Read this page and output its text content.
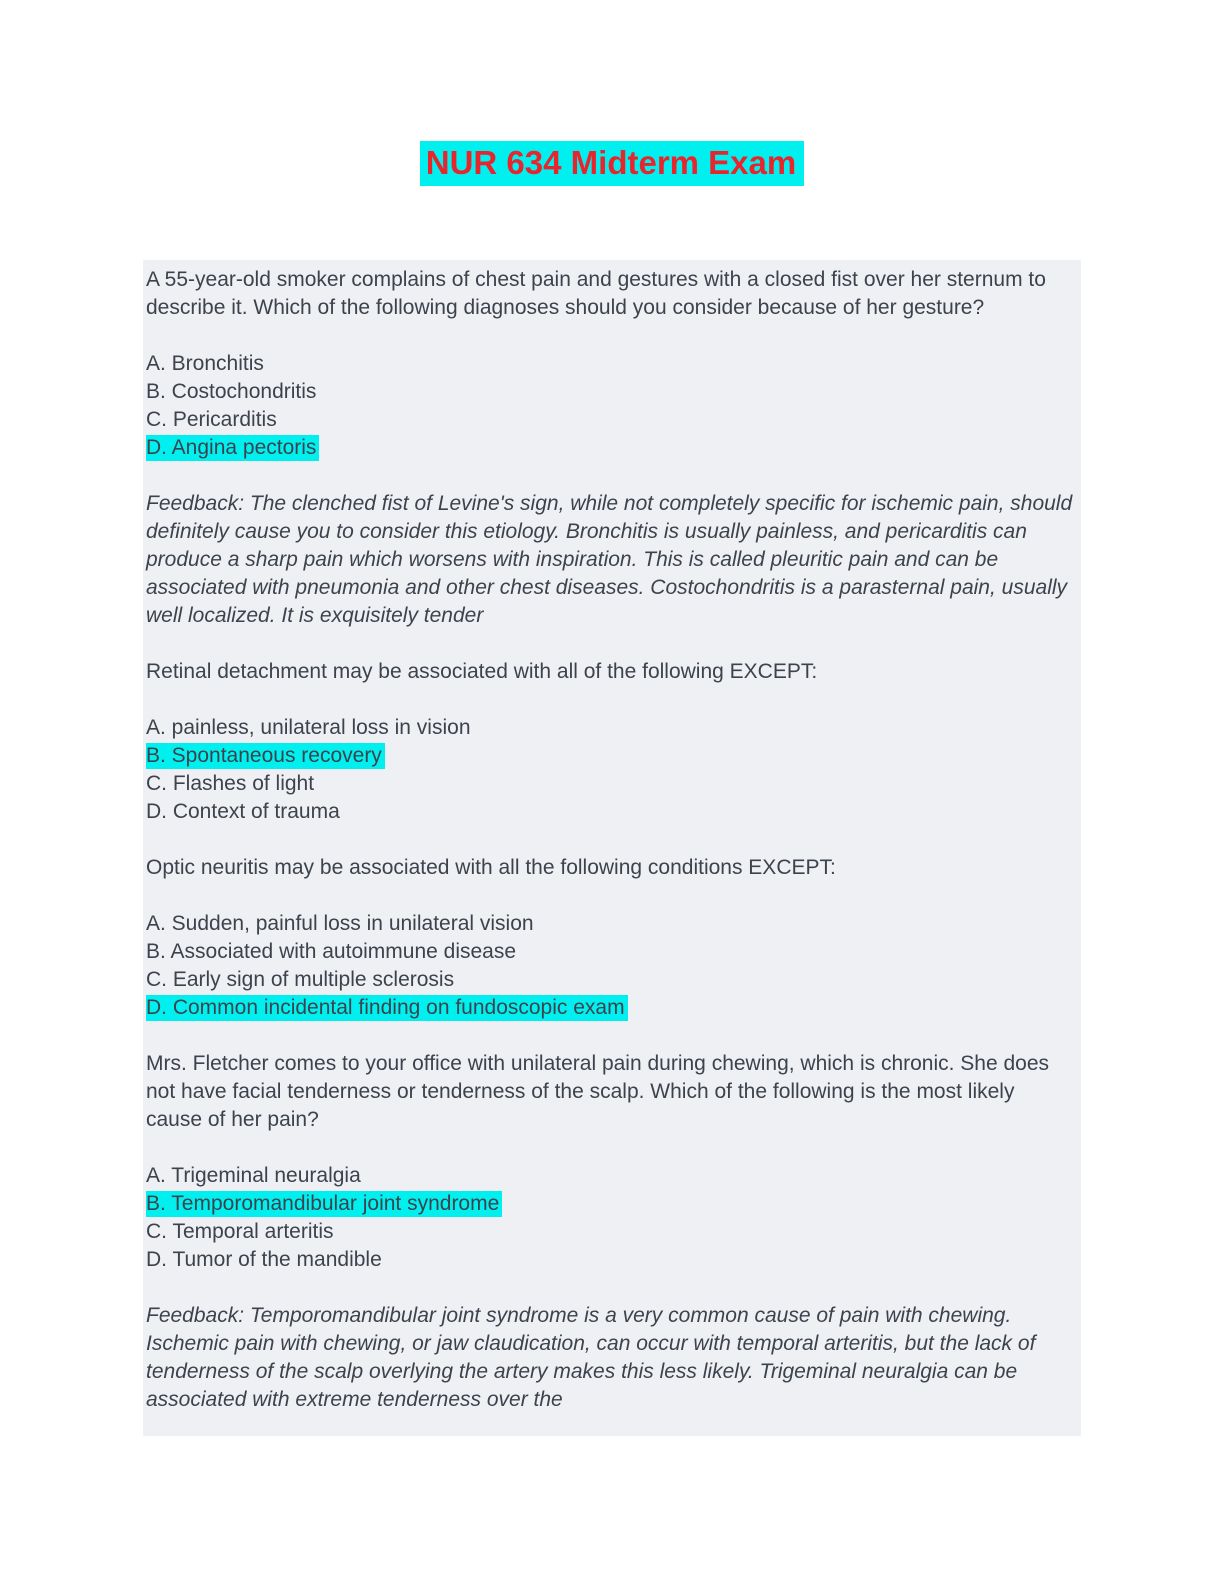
NUR 634 Midterm Exam

A 55-year-old smoker complains of chest pain and gestures with a closed fist over her sternum to describe it. Which of the following diagnoses should you consider because of her gesture?

A. Bronchitis
B. Costochondritis
C. Pericarditis
D. Angina pectoris

Feedback: The clenched fist of Levine's sign, while not completely specific for ischemic pain, should definitely cause you to consider this etiology. Bronchitis is usually painless, and pericarditis can produce a sharp pain which worsens with inspiration. This is called pleuritic pain and can be associated with pneumonia and other chest diseases. Costochondritis is a parasternal pain, usually well localized. It is exquisitely tender

Retinal detachment may be associated with all of the following EXCEPT:

A. painless, unilateral loss in vision
B. Spontaneous recovery
C. Flashes of light
D. Context of trauma

Optic neuritis may be associated with all the following conditions EXCEPT:

A. Sudden, painful loss in unilateral vision
B. Associated with autoimmune disease
C. Early sign of multiple sclerosis
D. Common incidental finding on fundoscopic exam

Mrs. Fletcher comes to your office with unilateral pain during chewing, which is chronic. She does not have facial tenderness or tenderness of the scalp. Which of the following is the most likely cause of her pain?

A. Trigeminal neuralgia
B. Temporomandibular joint syndrome
C. Temporal arteritis
D. Tumor of the mandible

Feedback: Temporomandibular joint syndrome is a very common cause of pain with chewing. Ischemic pain with chewing, or jaw claudication, can occur with temporal arteritis, but the lack of tenderness of the scalp overlying the artery makes this less likely. Trigeminal neuralgia can be associated with extreme tenderness over the
